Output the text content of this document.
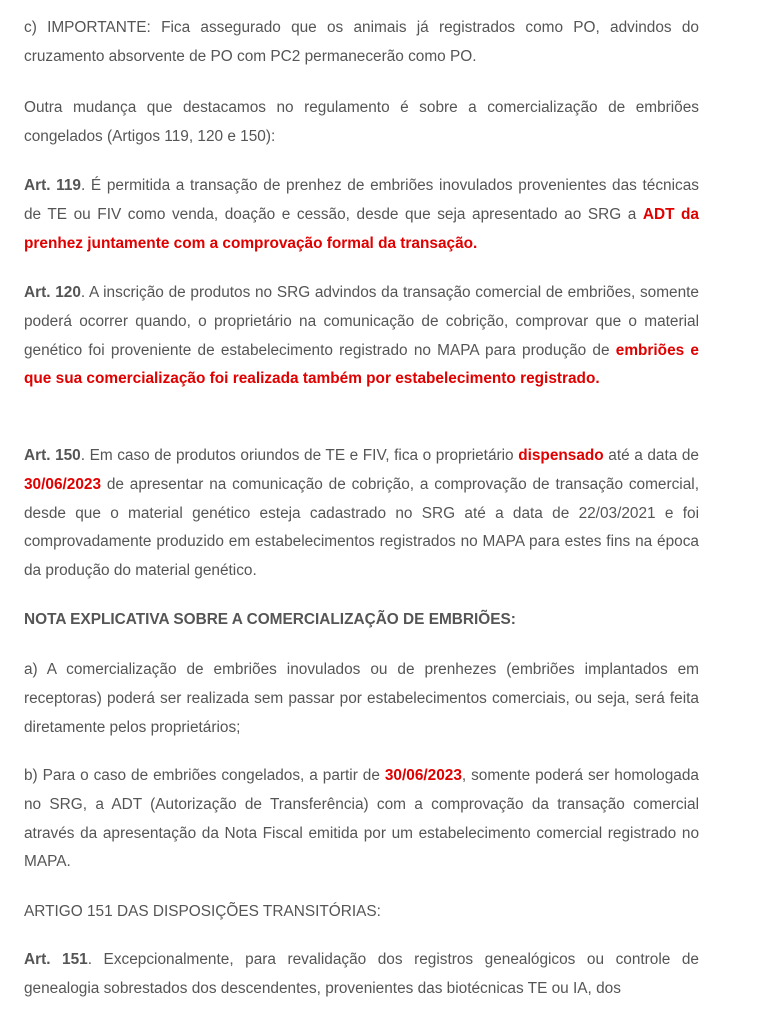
c) IMPORTANTE: Fica assegurado que os animais já registrados como PO, advindos do cruzamento absorvente de PO com PC2 permanecerão como PO.

Outra mudança que destacamos no regulamento é sobre a comercialização de embriões congelados (Artigos 119, 120 e 150):

Art. 119. É permitida a transação de prenhez de embriões inovulados provenientes das técnicas de TE ou FIV como venda, doação e cessão, desde que seja apresentado ao SRG a ADT da prenhez juntamente com a comprovação formal da transação.

Art. 120. A inscrição de produtos no SRG advindos da transação comercial de embriões, somente poderá ocorrer quando, o proprietário na comunicação de cobrição, comprovar que o material genético foi proveniente de estabelecimento registrado no MAPA para produção de embriões e que sua comercialização foi realizada também por estabelecimento registrado.

Art. 150. Em caso de produtos oriundos de TE e FIV, fica o proprietário dispensado até a data de 30/06/2023 de apresentar na comunicação de cobrição, a comprovação de transação comercial, desde que o material genético esteja cadastrado no SRG até a data de 22/03/2021 e foi comprovadamente produzido em estabelecimentos registrados no MAPA para estes fins na época da produção do material genético.

NOTA EXPLICATIVA SOBRE A COMERCIALIZAÇÃO DE EMBRIÕES:

a) A comercialização de embriões inovulados ou de prenhezes (embriões implantados em receptoras) poderá ser realizada sem passar por estabelecimentos comerciais, ou seja, será feita diretamente pelos proprietários;

b) Para o caso de embriões congelados, a partir de 30/06/2023, somente poderá ser homologada no SRG, a ADT (Autorização de Transferência) com a comprovação da transação comercial através da apresentação da Nota Fiscal emitida por um estabelecimento comercial registrado no MAPA.

ARTIGO 151 DAS DISPOSIÇÕES TRANSITÓRIAS:

Art. 151. Excepcionalmente, para revalidação dos registros genealógicos ou controle de genealogia sobrestados dos descendentes, provenientes das biotécnicas TE ou IA, dos
